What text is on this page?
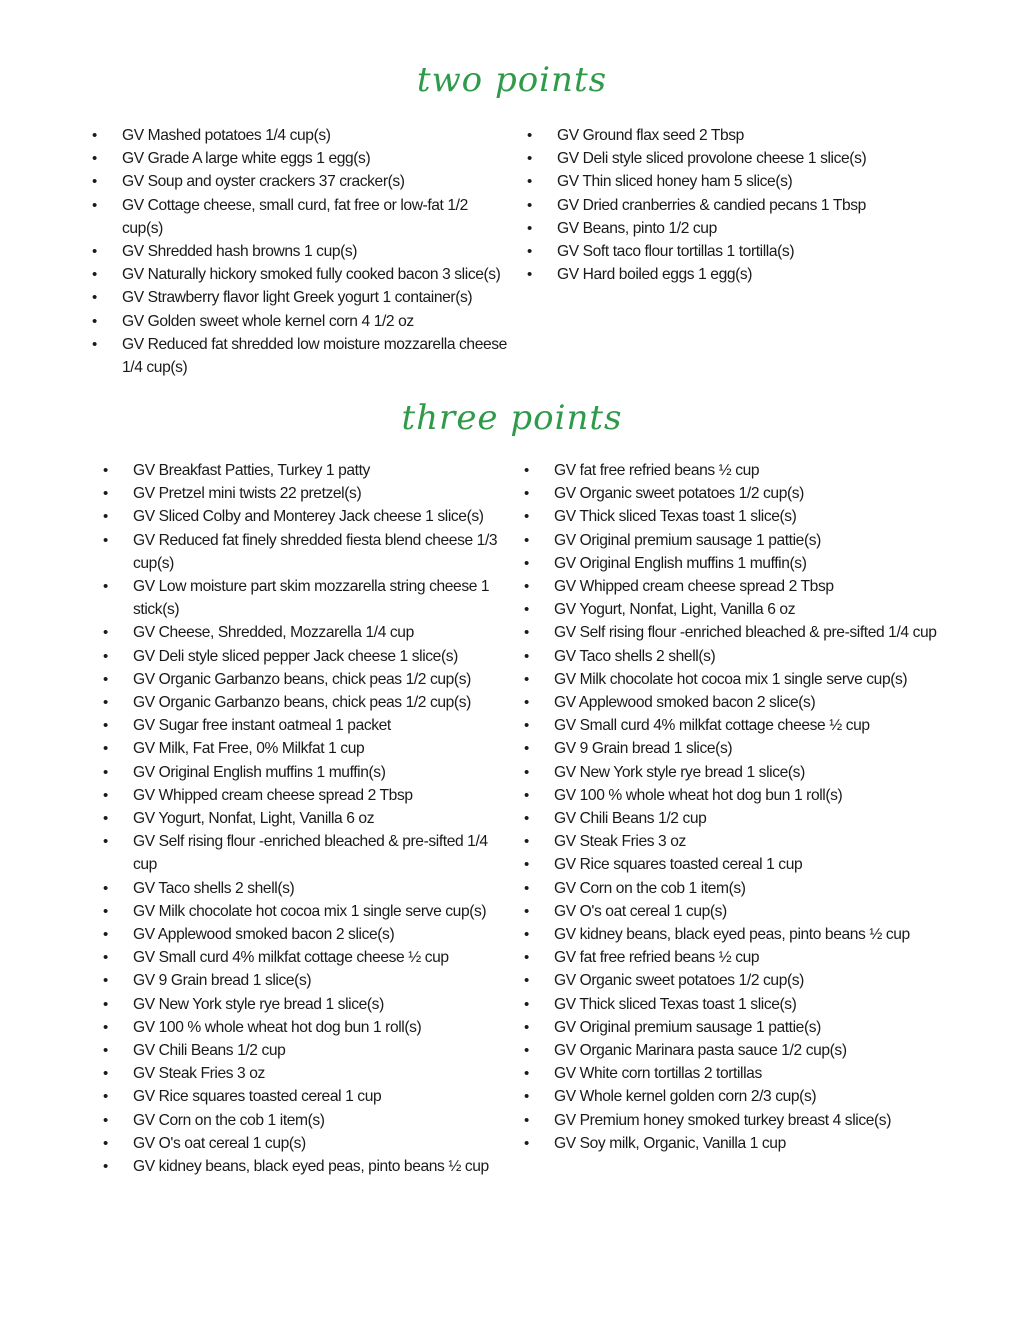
two points
• GV Mashed potatoes 1/4 cup(s)
• GV Grade A large white eggs 1 egg(s)
• GV Soup and oyster crackers 37 cracker(s)
• GV Cottage cheese, small curd, fat free or low-fat 1/2 cup(s)
• GV Shredded hash browns 1 cup(s)
• GV Naturally hickory smoked fully cooked bacon 3 slice(s)
• GV Strawberry flavor light Greek yogurt 1 container(s)
• GV Golden sweet whole kernel corn 4 1/2 oz
• GV Reduced fat shredded low moisture mozzarella cheese 1/4 cup(s)
• GV Ground flax seed 2 Tbsp
• GV Deli style sliced provolone cheese 1 slice(s)
• GV Thin sliced honey ham 5 slice(s)
• GV Dried cranberries & candied pecans 1 Tbsp
• GV Beans, pinto 1/2 cup
• GV Soft taco flour tortillas 1 tortilla(s)
• GV Hard boiled eggs 1 egg(s)
three points
• GV Breakfast Patties, Turkey 1 patty
• GV Pretzel mini twists 22 pretzel(s)
• GV Sliced Colby and Monterey Jack cheese 1 slice(s)
• GV Reduced fat finely shredded fiesta blend cheese 1/3 cup(s)
• GV Low moisture part skim mozzarella string cheese 1 stick(s)
• GV Cheese, Shredded, Mozzarella 1/4 cup
• GV Deli style sliced pepper Jack cheese 1 slice(s)
• GV Organic Garbanzo beans, chick peas 1/2 cup(s)
• GV Organic Garbanzo beans, chick peas 1/2 cup(s)
• GV Sugar free instant oatmeal 1 packet
• GV Milk, Fat Free, 0% Milkfat 1 cup
• GV Original English muffins 1 muffin(s)
• GV Whipped cream cheese spread 2 Tbsp
• GV Yogurt, Nonfat, Light, Vanilla 6 oz
• GV Self rising flour -enriched bleached & pre-sifted 1/4 cup
• GV Taco shells 2 shell(s)
• GV Milk chocolate hot cocoa mix 1 single serve cup(s)
• GV Applewood smoked bacon 2 slice(s)
• GV Small curd 4% milkfat cottage cheese ½ cup
• GV 9 Grain bread 1 slice(s)
• GV New York style rye bread 1 slice(s)
• GV 100 % whole wheat hot dog bun 1 roll(s)
• GV Chili Beans 1/2 cup
• GV Steak Fries 3 oz
• GV Rice squares toasted cereal 1 cup
• GV Corn on the cob 1 item(s)
• GV O's oat cereal 1 cup(s)
• GV kidney beans, black eyed peas, pinto beans ½ cup
• GV fat free refried beans ½ cup
• GV Organic sweet potatoes 1/2 cup(s)
• GV Thick sliced Texas toast 1 slice(s)
• GV Original premium sausage 1 pattie(s)
• GV Original English muffins 1 muffin(s)
• GV Whipped cream cheese spread 2 Tbsp
• GV Yogurt, Nonfat, Light, Vanilla 6 oz
• GV Self rising flour -enriched bleached & pre-sifted 1/4 cup
• GV Taco shells 2 shell(s)
• GV Milk chocolate hot cocoa mix 1 single serve cup(s)
• GV Applewood smoked bacon 2 slice(s)
• GV Small curd 4% milkfat cottage cheese ½ cup
• GV 9 Grain bread 1 slice(s)
• GV New York style rye bread 1 slice(s)
• GV 100 % whole wheat hot dog bun 1 roll(s)
• GV Chili Beans 1/2 cup
• GV Steak Fries 3 oz
• GV Rice squares toasted cereal 1 cup
• GV Corn on the cob 1 item(s)
• GV O's oat cereal 1 cup(s)
• GV kidney beans, black eyed peas, pinto beans ½ cup
• GV fat free refried beans ½ cup
• GV Organic sweet potatoes 1/2 cup(s)
• GV Thick sliced Texas toast 1 slice(s)
• GV Original premium sausage 1 pattie(s)
• GV Organic Marinara pasta sauce 1/2 cup(s)
• GV White corn tortillas 2 tortillas
• GV Whole kernel golden corn 2/3 cup(s)
• GV Premium honey smoked turkey breast 4 slice(s)
• GV Soy milk, Organic, Vanilla 1 cup
